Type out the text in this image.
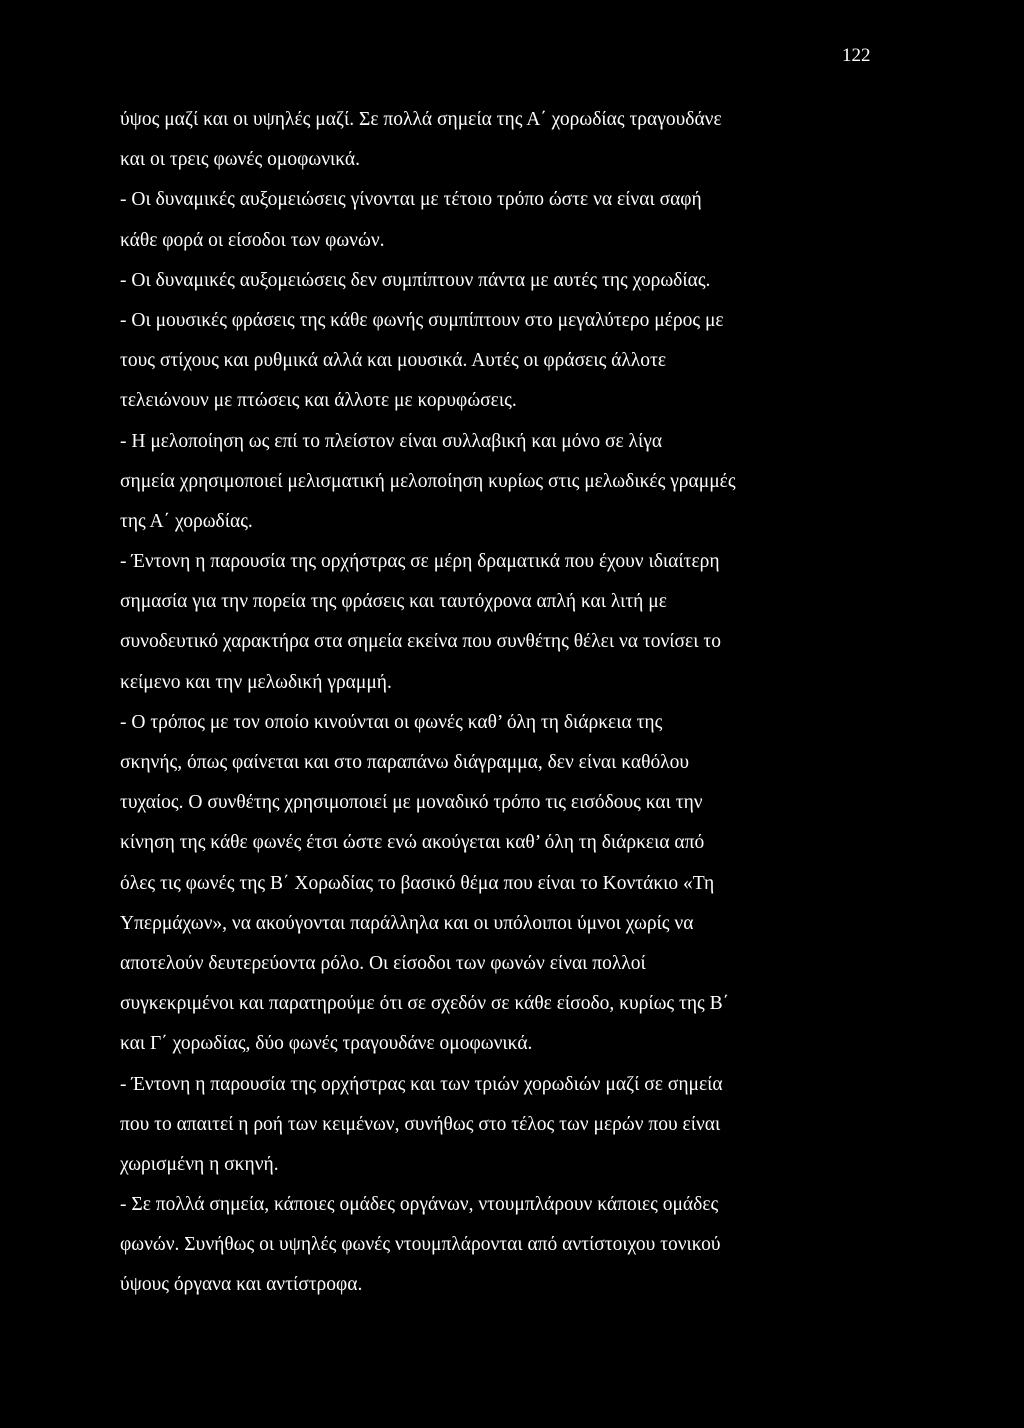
122

ύψος μαζί και οι υψηλές μαζί. Σε πολλά σημεία της Α΄ χορωδίας τραγουδάνε

και οι τρεις φωνές ομοφωνικά.

- Οι δυναμικές αυξομειώσεις γίνονται με τέτοιο τρόπο ώστε να είναι σαφή

κάθε φορά οι είσοδοι των φωνών.

- Οι δυναμικές αυξομειώσεις δεν συμπίπτουν πάντα με αυτές της χορωδίας.

- Οι μουσικές φράσεις της κάθε φωνής συμπίπτουν στο μεγαλύτερο μέρος με

τους στίχους και ρυθμικά αλλά και μουσικά. Αυτές οι φράσεις άλλοτε

τελειώνουν με πτώσεις και άλλοτε με κορυφώσεις.

- Η μελοποίηση ως επί το πλείστον είναι συλλαβική και μόνο σε λίγα

σημεία χρησιμοποιεί μελισματική μελοποίηση κυρίως στις μελωδικές γραμμές

της Α΄ χορωδίας.

- Έντονη η παρουσία της ορχήστρας σε μέρη δραματικά που έχουν ιδιαίτερη

σημασία για την πορεία της φράσεις και ταυτόχρονα απλή και λιτή με

συνοδευτικό χαρακτήρα στα σημεία εκείνα που συνθέτης θέλει να τονίσει το

κείμενο και την μελωδική γραμμή.

- Ο τρόπος με τον οποίο κινούνται οι φωνές καθ’ όλη τη διάρκεια της

σκηνής, όπως φαίνεται και στο παραπάνω διάγραμμα, δεν είναι καθόλου

τυχαίος. Ο συνθέτης χρησιμοποιεί με μοναδικό τρόπο τις εισόδους και την

κίνηση της κάθε φωνές έτσι ώστε ενώ ακούγεται καθ’ όλη τη διάρκεια από

όλες τις φωνές της Β΄ Χορωδίας το βασικό θέμα που είναι το Κοντάκιο «Τη

Υπερμάχων», να ακούγονται παράλληλα και οι υπόλοιποι ύμνοι χωρίς να

αποτελούν δευτερεύοντα ρόλο. Οι είσοδοι των φωνών είναι πολλοί

συγκεκριμένοι και παρατηρούμε ότι σε σχεδόν σε κάθε είσοδο, κυρίως της Β΄

και Γ΄ χορωδίας, δύο φωνές τραγουδάνε ομοφωνικά.

- Έντονη η παρουσία της ορχήστρας και των τριών χορωδιών μαζί σε σημεία

που το απαιτεί η ροή των κειμένων, συνήθως στο τέλος των μερών που είναι

χωρισμένη η σκηνή.

- Σε πολλά σημεία, κάποιες ομάδες οργάνων, ντουμπλάρουν κάποιες ομάδες

φωνών. Συνήθως οι υψηλές φωνές ντουμπλάρονται από αντίστοιχου τονικού

ύψους όργανα και αντίστροφα.
